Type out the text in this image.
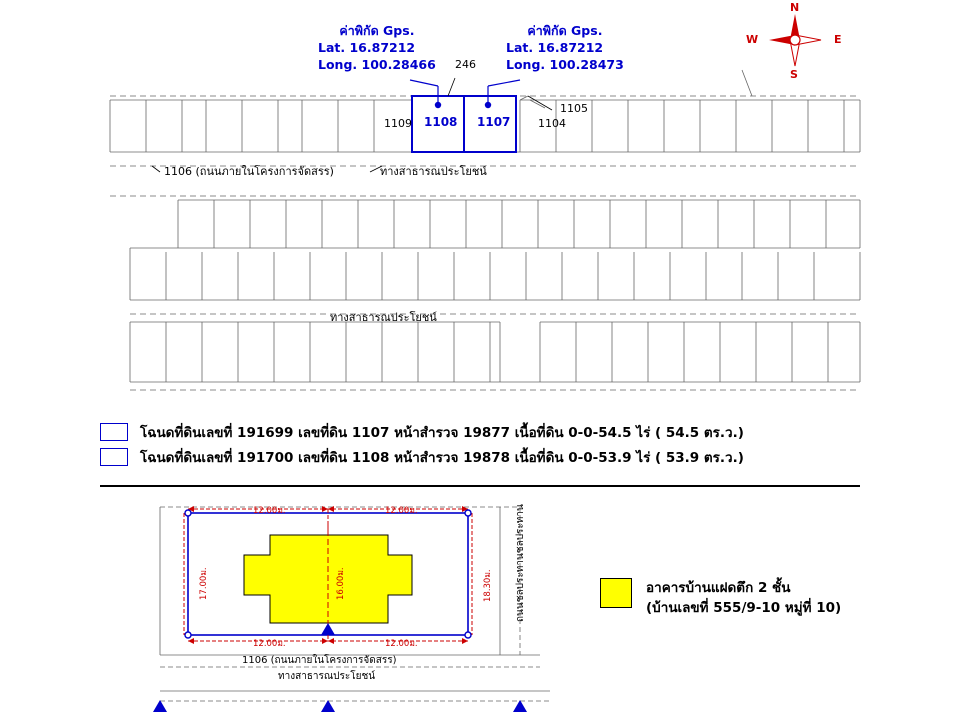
N
S
W	E
ค่าพิกัด Gps.
Lat. 16.87212
Long. 100.28466
ค่าพิกัด Gps.
Lat. 16.87212
Long. 100.28473
246
1109 1108 1107
1105
1104
1106 (ถนนภายในโครงการจัดสรร)	ทางสาธารณประโยชน์
ทางสาธารณประโยชน์
โฉนดที่ดินเลขที่ 191699 เลขที่ดิน 1107 หน้าสำรวจ 19877 เนื้อที่ดิน 0-0-54.5 ไร่ ( 54.5 ตร.ว.)
โฉนดที่ดินเลขที่ 191700 เลขที่ดิน 1108 หน้าสำรวจ 19878 เนื้อที่ดิน 0-0-53.9 ไร่ ( 53.9 ตร.ว.)
12.00ม.	12.00ม.
12.00ม.	12.00ม.
17.00ม.	16.00ม.	18.30ม.
1106 (ถนนภายในโครงการจัดสรร)
ถนนชลประทานชลประทาน
ทางสาธารณประโยชน์
อาคารบ้านแฝดตึก 2 ชั้น
(บ้านเลขที่ 555/9-10 หมู่ที่ 10)
